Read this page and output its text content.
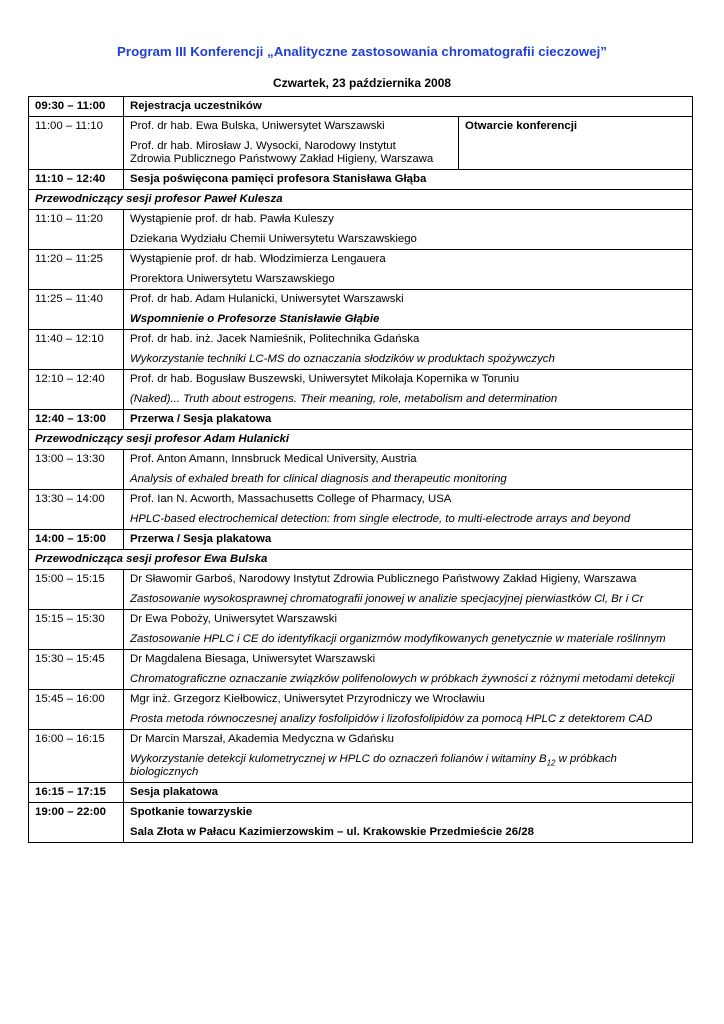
Program III Konferencji „Analityczne zastosowania chromatografii cieczowej”
Czwartek, 23 października 2008
09:30 – 11:00	Rejestracja uczestników	
11:00 – 11:10	Prof. dr hab. Ewa Bulska, Uniwersytet Warszawski
Prof. dr hab. Mirosław J. Wysocki, Narodowy Instytut
Zdrowia Publicznego Państwowy Zakład Higieny, Warszawa	Otwarcie konferencji
11:10 – 12:40	Sesja poświęcona pamięci profesora Stanisława Głąba	
Przewodniczący sesji profesor Paweł Kulesza		
11:10 – 11:20	Wystąpienie prof. dr hab. Pawła Kuleszy
Dziekana Wydziału Chemii Uniwersytetu Warszawskiego	

11:20 – 11:25	Wystąpienie prof. dr hab. Włodzimierza Lengauera
Prorektora Uniwersytetu Warszawskiego	

11:25 – 11:40	Prof. dr hab. Adam Hulanicki, Uniwersytet Warszawski
Wspomnienie o Profesorze Stanisławie Głąbie	

11:40 – 12:10	Prof. dr hab. inż. Jacek Namieśnik, Politechnika Gdańska
Wykorzystanie techniki LC-MS do oznaczania słodzików w produktach spożywczych	

12:10 – 12:40	Prof. dr hab. Bogusław Buszewski, Uniwersytet Mikołaja Kopernika w Toruniu
(Naked)... Truth about estrogens. Their meaning, role, metabolism and determination	

12:40 – 13:00	Przerwa / Sesja plakatowa	
Przewodniczący sesji profesor Adam Hulanicki		
13:00 – 13:30	Prof. Anton Amann, Innsbruck Medical University, Austria
Analysis of exhaled breath for clinical diagnosis and therapeutic monitoring	

13:30 – 14:00	Prof. Ian N. Acworth, Massachusetts College of Pharmacy, USA
HPLC-based electrochemical detection: from single electrode, to multi-electrode arrays and beyond	

14:00 – 15:00	Przerwa / Sesja plakatowa	
Przewodnicząca sesji profesor Ewa Bulska		
15:00 – 15:15	Dr Sławomir Garboś, Narodowy Instytut Zdrowia Publicznego Państwowy Zakład Higieny, Warszawa
Zastosowanie wysokosprawnej chromatografii jonowej w analizie specjacyjnej pierwiastków Cl, Br i Cr	

15:15 – 15:30	Dr Ewa Poboży, Uniwersytet Warszawski
Zastosowanie HPLC i CE do identyfikacji organizmów modyfikowanych genetycznie w materiale roślinnym	

15:30 – 15:45	Dr Magdalena Biesaga, Uniwersytet Warszawski
Chromatograficzne oznaczanie związków polifenolowych w próbkach żywności z różnymi metodami detekcji	

15:45 – 16:00	Mgr inż. Grzegorz Kiełbowicz, Uniwersytet Przyrodniczy we Wrocławiu
Prosta metoda równoczesnej analizy fosfolipidów i lizofosfolipidów za pomocą HPLC z detektorem CAD	

16:00 – 16:15	Dr Marcin Marszał, Akademia Medyczna w Gdańsku
Wykorzystanie detekcji kulometrycznej w HPLC do oznaczeń folianów i witaminy $B_{12}$ w próbkach biologicznych	

16:15 – 17:15	Sesja plakatowa	
19:00 – 22:00	Spotkanie towarzyskie
Sala Złota w Pałacu Kazimierzowskim – ul. Krakowskie Przedmieście 26/28	
